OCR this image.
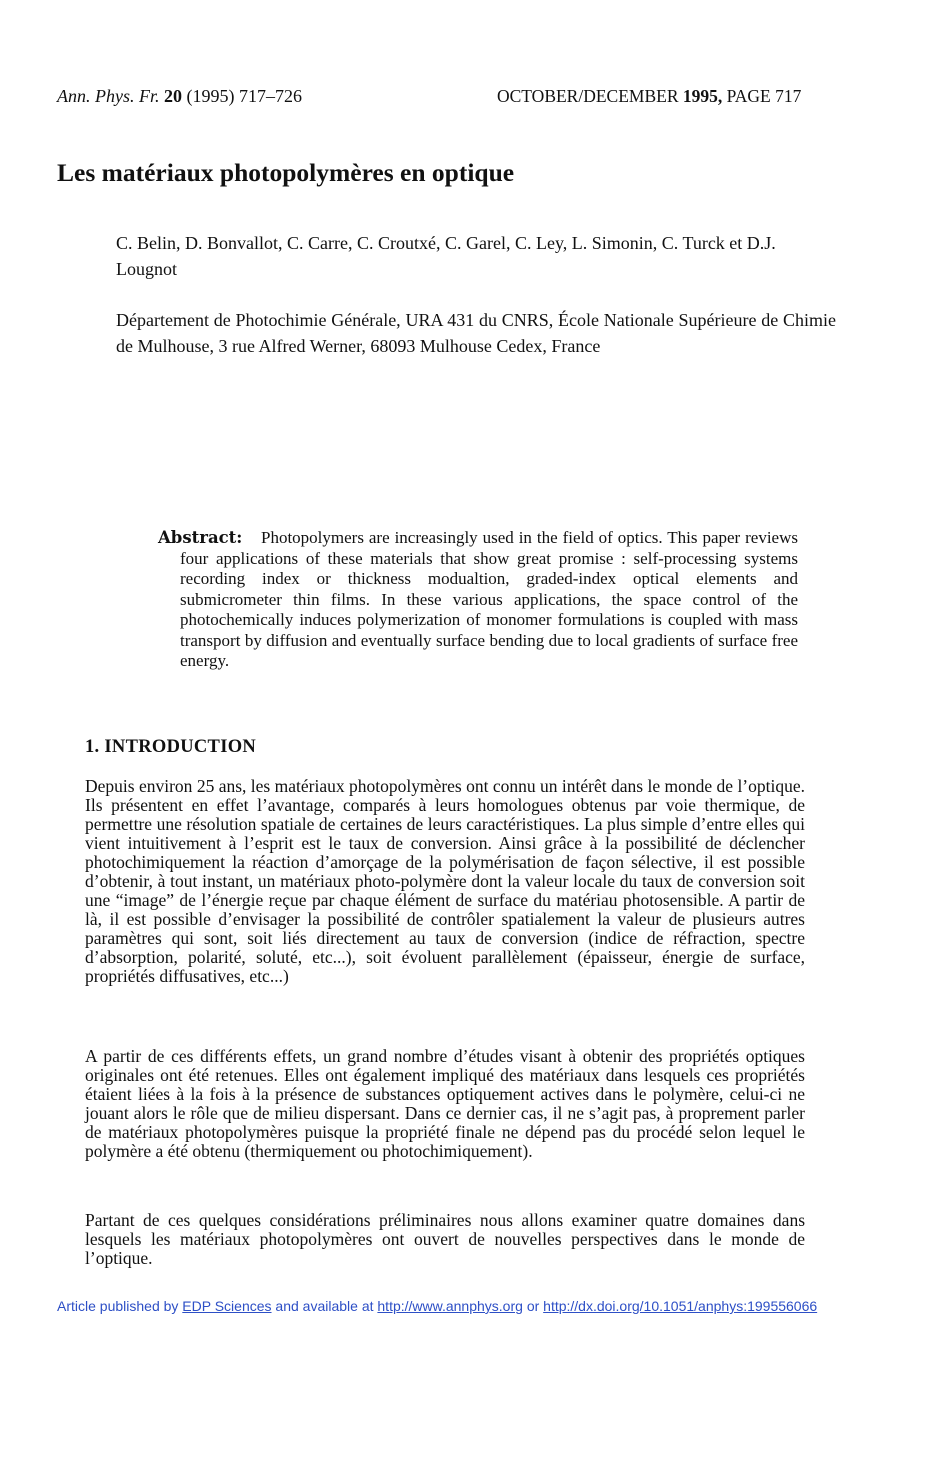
Ann. Phys. Fr. 20 (1995) 717–726	OCTOBER/DECEMBER 1995, PAGE 717
Les matériaux photopolymères en optique
C. Belin, D. Bonvallot, C. Carre, C. Croutxé, C. Garel, C. Ley, L. Simonin, C. Turck et D.J. Lougnot
Département de Photochimie Générale, URA 431 du CNRS, École Nationale Supérieure de Chimie de Mulhouse, 3 rue Alfred Werner, 68093 Mulhouse Cedex, France
Abstract:	Photopolymers are increasingly used in the field of optics. This paper reviews four applications of these materials that show great promise : self-processing systems recording index or thickness modualtion, graded-index optical elements and submicrometer thin films. In these various applications, the space control of the photochemically induces polymerization of monomer formulations is coupled with mass transport by diffusion and eventually surface bending due to local gradients of surface free energy.
1. INTRODUCTION
Depuis environ 25 ans, les matériaux photopolymères ont connu un intérêt dans le monde de l’optique. Ils présentent en effet l’avantage, comparés à leurs homologues obtenus par voie thermique, de permettre une résolution spatiale de certaines de leurs caractéristiques. La plus simple d’entre elles qui vient intuitivement à l’esprit est le taux de conversion. Ainsi grâce à la possibilité de déclencher photochimiquement la réaction d’amorçage de la polymérisation de façon sélective, il est possible d’obtenir, à tout instant, un matériaux photo-polymère dont la valeur locale du taux de conversion soit une “image” de l’énergie reçue par chaque élément de surface du matériau photosensible. A partir de là, il est possible d’envisager la possibilité de contrôler spatialement la valeur de plusieurs autres paramètres qui sont, soit liés directement au taux de conversion (indice de réfraction, spectre d’absorption, polarité, soluté, etc...), soit évoluent parallèlement (épaisseur, énergie de surface, propriétés diffusatives, etc...)
A partir de ces différents effets, un grand nombre d’études visant à obtenir des propriétés optiques originales ont été retenues. Elles ont également impliqué des matériaux dans lesquels ces propriétés étaient liées à la fois à la présence de substances optiquement actives dans le polymère, celui-ci ne jouant alors le rôle que de milieu dispersant. Dans ce dernier cas, il ne s’agit pas, à proprement parler de matériaux photopolymères puisque la propriété finale ne dépend pas du procédé selon lequel le polymère a été obtenu (thermiquement ou photochimiquement).
Partant de ces quelques considérations préliminaires nous allons examiner quatre domaines dans lesquels les matériaux photopolymères ont ouvert de nouvelles perspectives dans le monde de l’optique.
Article published by EDP Sciences and available at http://www.annphys.org or http://dx.doi.org/10.1051/anphys:199556066
